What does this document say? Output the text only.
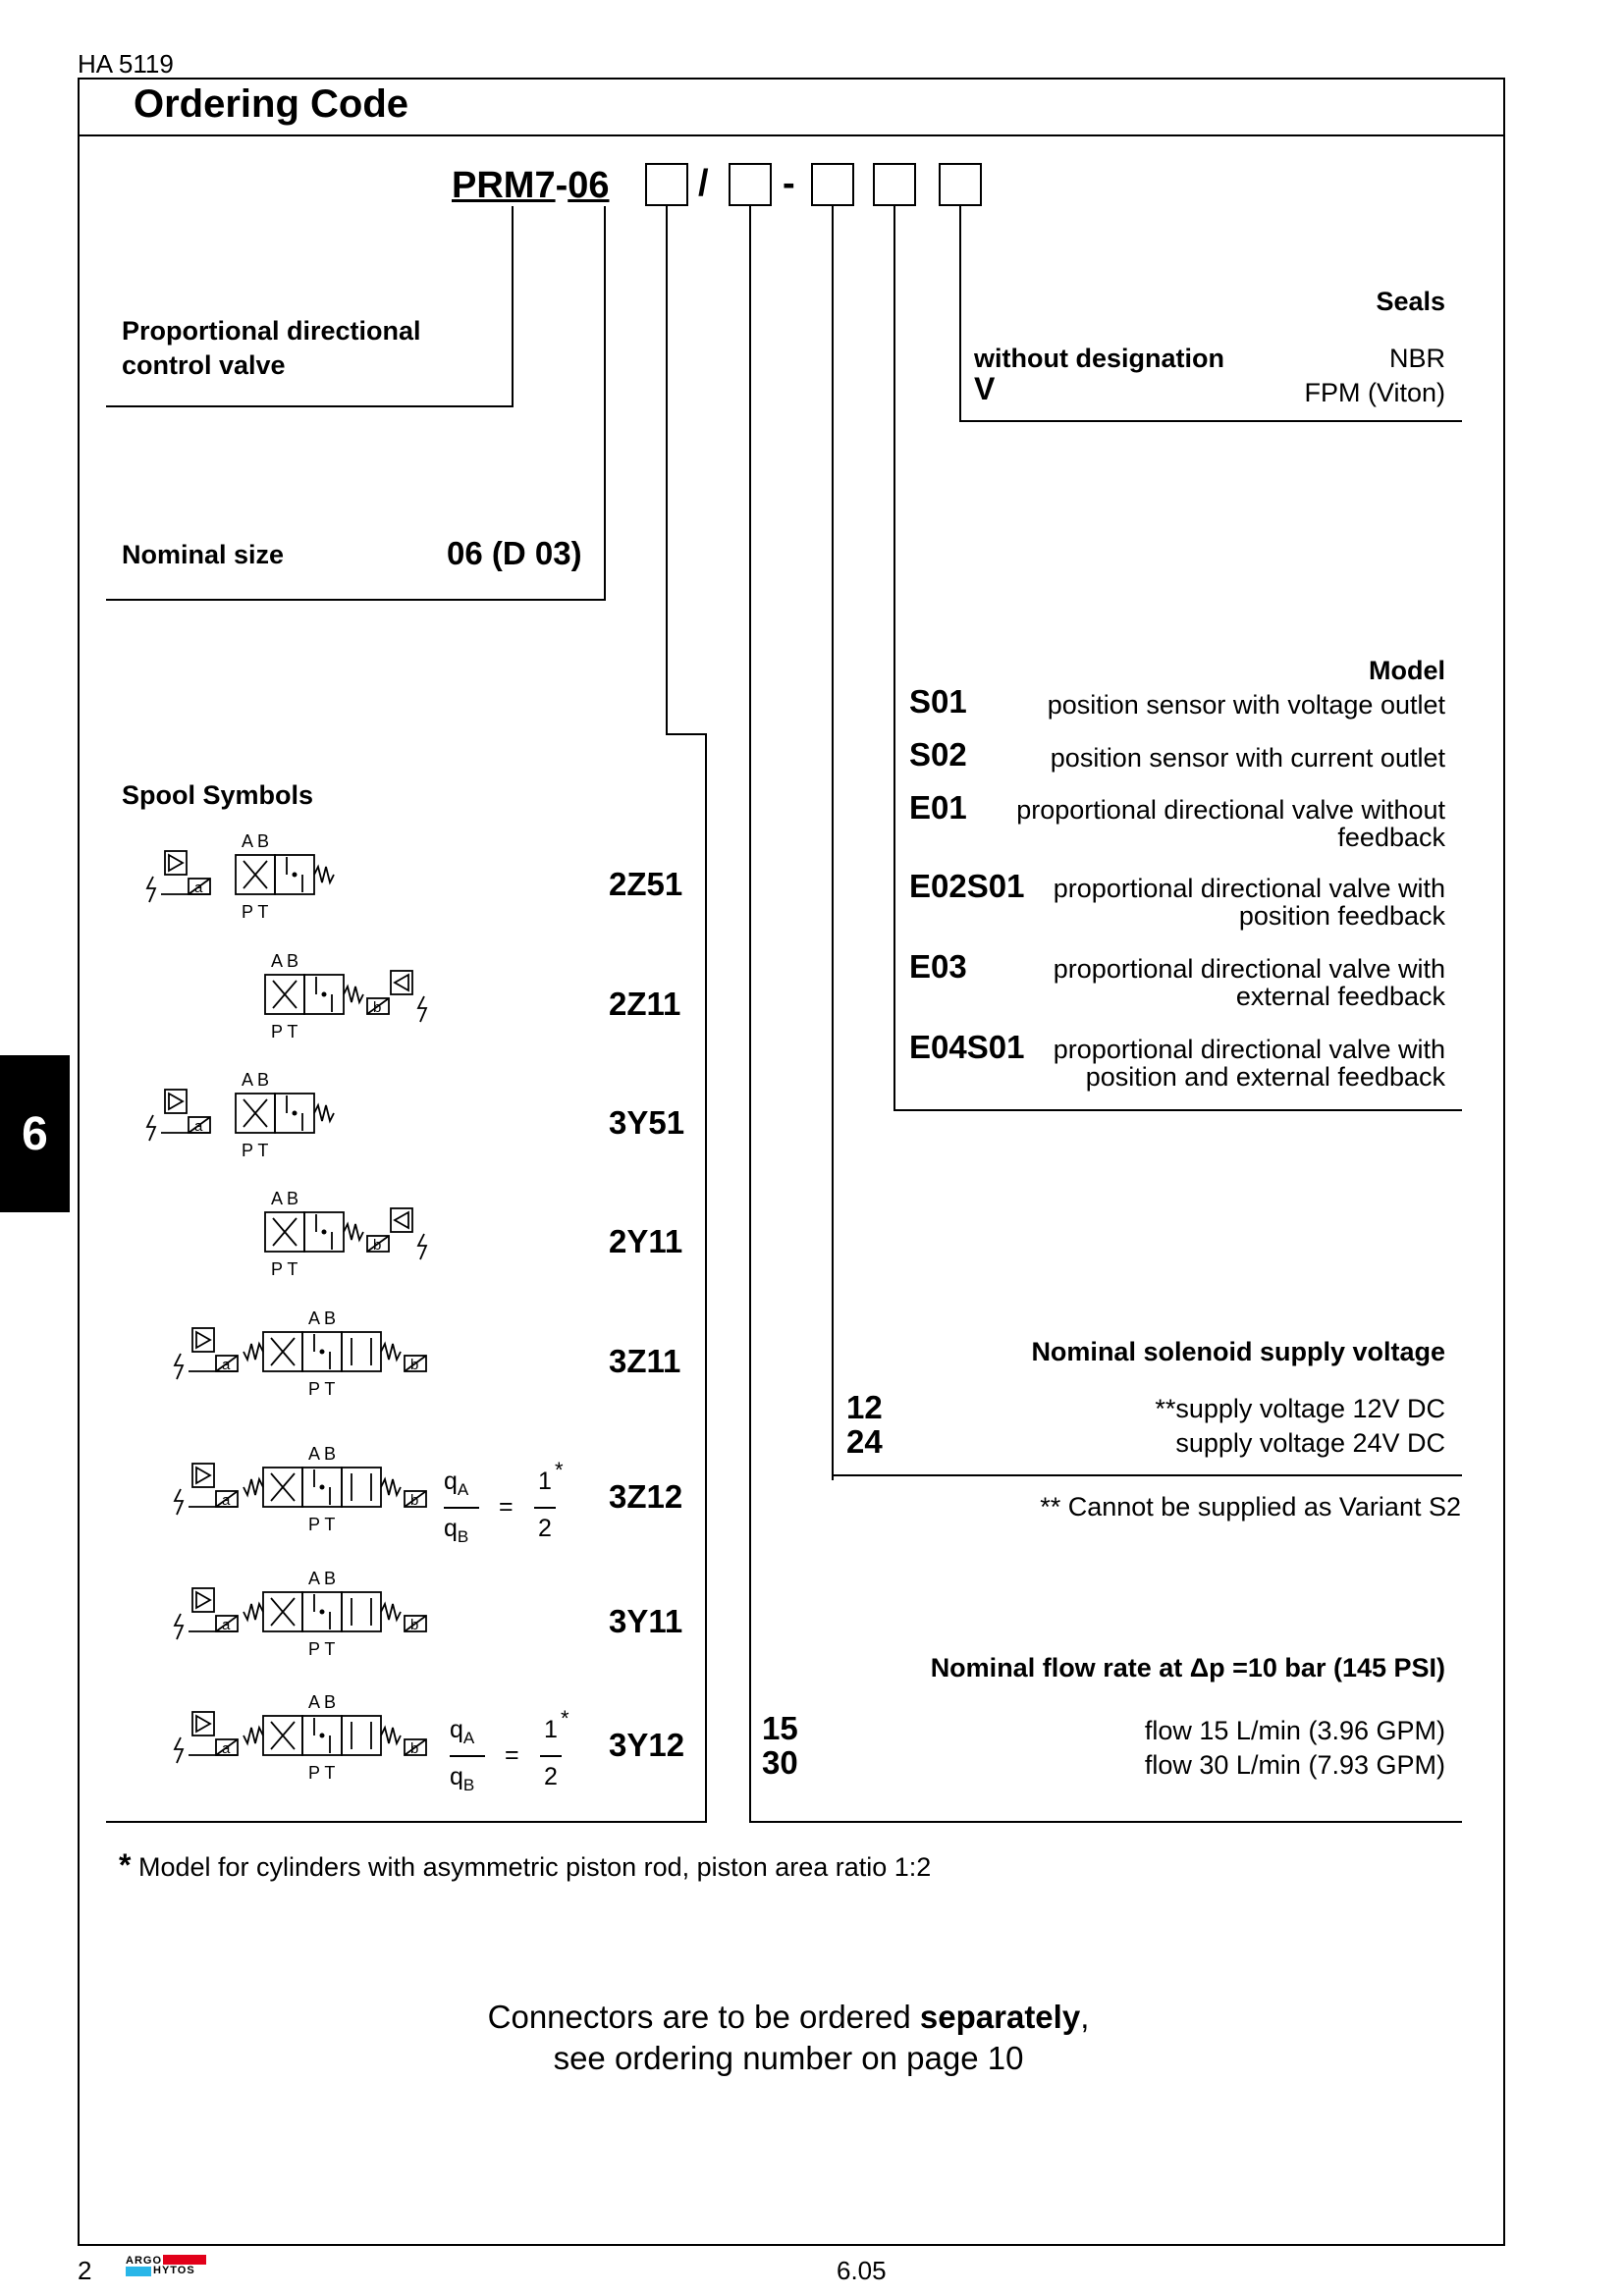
HA 5119
Ordering Code
PRM7-06 / -
Proportional directional control valve
Nominal size	06 (D 03)
Seals
without designation	NBR
V	FPM (Viton)
Model
S01	position sensor with voltage outlet
S02	position sensor with current outlet
E01 proportional directional valve without
feedback
E02S01 proportional directional valve with
position feedback
E03	proportional directional valve with
external feedback
E04S01 proportional directional valve with
position and external feedback
Spool Symbols
a
A B
P T
2Z51
b
A B
P T
2Z11
a
A B
P T
3Y51
b
A B
P T
2Y11
a	b
A B
P T
3Z11
a	b
A B
P T
3Z12
$q_A$
$q_B$
=
1 *
2
a	b
A B
P T
3Y11
a	b
A B
P T
3Y12
$q_A$
$q_B$
=
1 *
2
Nominal solenoid supply voltage
12	**supply voltage 12V DC
24	supply voltage 24V DC
** Cannot be supplied as Variant S2
Nominal flow rate at Δp =10 bar (145 PSI)
15	flow 15 L/min (3.96 GPM)
30	flow 30 L/min (7.93 GPM)
* Model for cylinders with asymmetric piston rod, piston area ratio 1:2
Connectors are to be ordered separately,
see ordering number on page 10
6
2	ARGO
HYTOS	6.05
